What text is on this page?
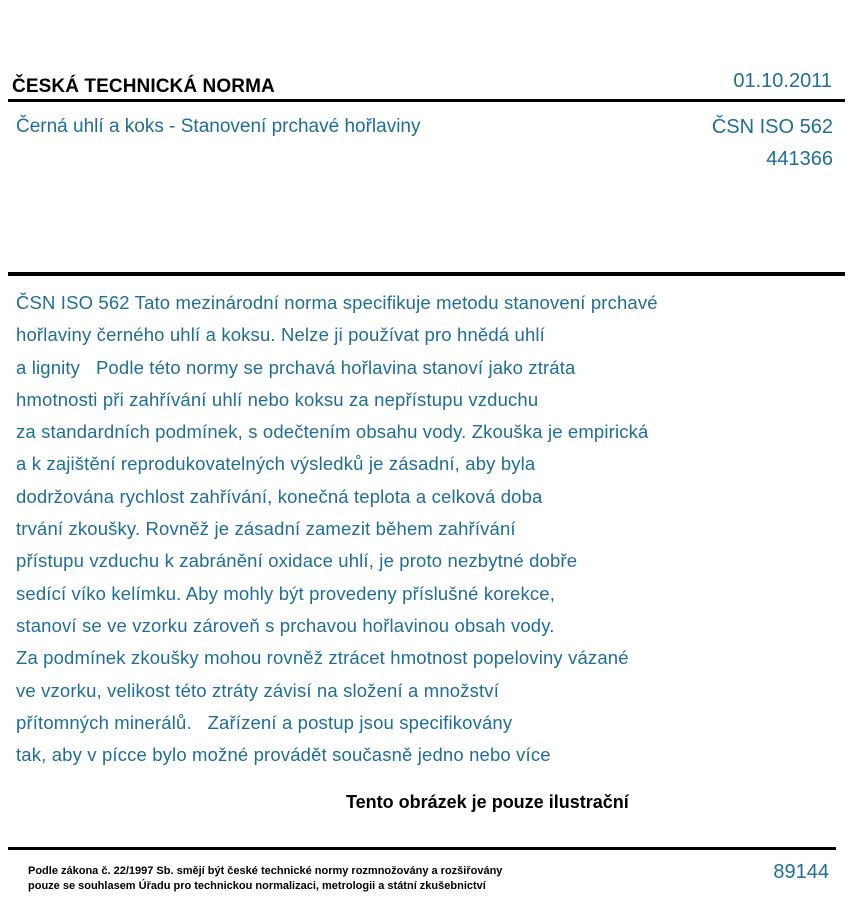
ČESKÁ TECHNICKÁ NORMA	01.10.2011
Černá uhlí a koks - Stanovení prchavé hořlaviny	ČSN ISO 562
441366
ČSN ISO 562 Tato mezinárodní norma specifikuje metodu stanovení prchavé
hořlaviny černého uhlí a koksu. Nelze ji používat pro hnědá uhlí
a lignity   Podle této normy se prchavá hořlavina stanoví jako ztráta
hmotnosti při zahřívání uhlí nebo koksu za nepřístupu vzduchu
za standardních podmínek, s odečtením obsahu vody. Zkouška je empirická
a k zajištění reprodukovatelných výsledků je zásadní, aby byla
dodržována rychlost zahřívání, konečná teplota a celková doba
trvání zkoušky. Rovněž je zásadní zamezit během zahřívání
přístupu vzduchu k zabránění oxidace uhlí, je proto nezbytné dobře
sedící víko kelímku. Aby mohly být provedeny příslušné korekce,
stanoví se ve vzorku zároveň s prchavou hořlavinou obsah vody.
Za podmínek zkoušky mohou rovněž ztrácet hmotnost popeloviny vázané
ve vzorku, velikost této ztráty závisí na složení a množství
přítomných minerálů.   Zařízení a postup jsou specifikovány
tak, aby v pícce bylo možné provádět současně jedno nebo více
Tento obrázek je pouze ilustrační
Podle zákona č. 22/1997 Sb. smějí být české technické normy rozmnožovány a rozšiřovány
pouze se souhlasem Úřadu pro technickou normalizaci, metrologii a státní zkušebnictví
89144
